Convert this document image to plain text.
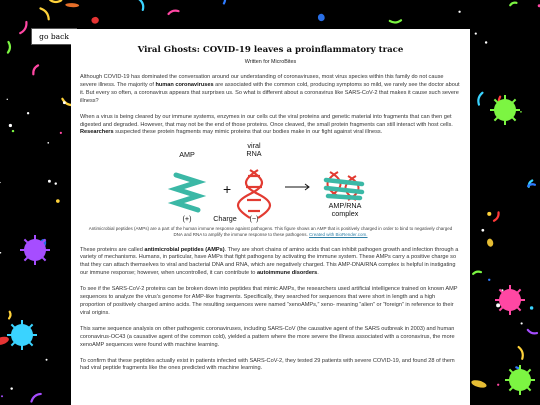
go back
Viral Ghosts: COVID-19 leaves a proinflammatory trace
Written for MicroBites

Although COVID-19 has dominated the conversation around our understanding of coronaviruses, most virus species within this family do not cause severe illness. The majority of human coronaviruses are associated with the common cold, producing symptoms so mild, we rarely see the doctor about it. But every so often, a coronavirus appears that surprises us. So what is different about a coronavirus like SARS-CoV-2 that makes it cause such severe illness?

When a virus is being cleared by our immune systems, enzymes in our cells cut the viral proteins and genetic material into fragments that can then get digested and degraded. However, that may not be the end of those proteins. Once cleaved, the small protein fragments can still interact with host cells. Researchers suspected these protein fragments may mimic proteins that our bodies make in our fight against viral illness.

+
AMP
viral
RNA
AMP/RNA
complex
(+)	Charge	(−)
Antimicrobial peptides (AMPs) are a part of the human immune response against pathogens. This figure shows an AMP that is positively charged in order to bind to negatively charged DNA and RNA to amplify the immune response to these pathogens. Created with BioRender.com.

These proteins are called antimicrobial peptides (AMPs). They are short chains of amino acids that can inhibit pathogen growth and infection through a variety of mechanisms. Humans, in particular, have AMPs that fight pathogens by activating the immune system. These AMPs carry a positive charge so that they can attach themselves to viral and bacterial DNA and RNA, which are negatively charged. This AMP-DNA/RNA complex is helpful in instigating our immune response; however, when uncontrolled, it can contribute to autoimmune disorders.

To see if the SARS-CoV-2 proteins can be broken down into peptides that mimic AMPs, the researchers used artificial intelligence trained on known AMP sequences to analyze the virus's genome for AMP-like fragments. Specifically, they searched for sequences that were short in length and a high proportion of positively charged amino acids. The resulting sequences were named “xenoAMPs,” xeno- meaning “alien” or “foreign” in reference to their viral origins.

This same sequence analysis on other pathogenic coronaviruses, including SARS-CoV (the causative agent of the SARS outbreak in 2003) and human coronavirus-OC43 (a causative agent of the common cold), yielded a pattern where the more severe the illness associated with a coronavirus, the more xenoAMP sequences were found with machine learning.

To confirm that these peptides actually exist in patients infected with SARS-CoV-2, they tested 29 patients with severe COVID-19, and found 28 of them had viral peptide fragments like the ones predicted with machine learning.
